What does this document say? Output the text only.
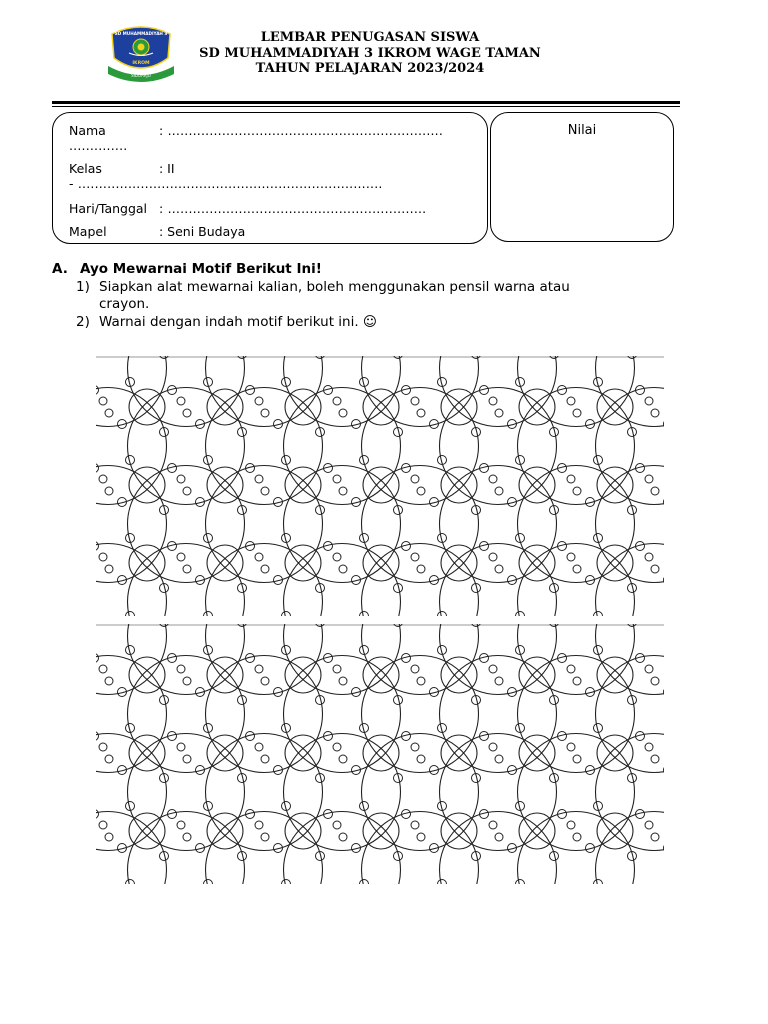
SIDOARJO
SD MUHAMMADIYAH 3
IKROM
LEMBAR PENUGASAN SISWA
SD MUHAMMADIYAH 3 IKROM WAGE TAMAN
TAHUN PELAJARAN 2023/2024
Nama	: ..................................................................
..............
Kelas	: II
- .........................................................................
Hari/Tanggal : ..............................................................
Mapel	: Seni Budaya
Nilai
A. Ayo Mewarnai Motif Berikut Ini!
1) Siapkan alat mewarnai kalian, boleh menggunakan pensil warna atau
crayon.
2) Warnai dengan indah motif berikut ini. ☺
